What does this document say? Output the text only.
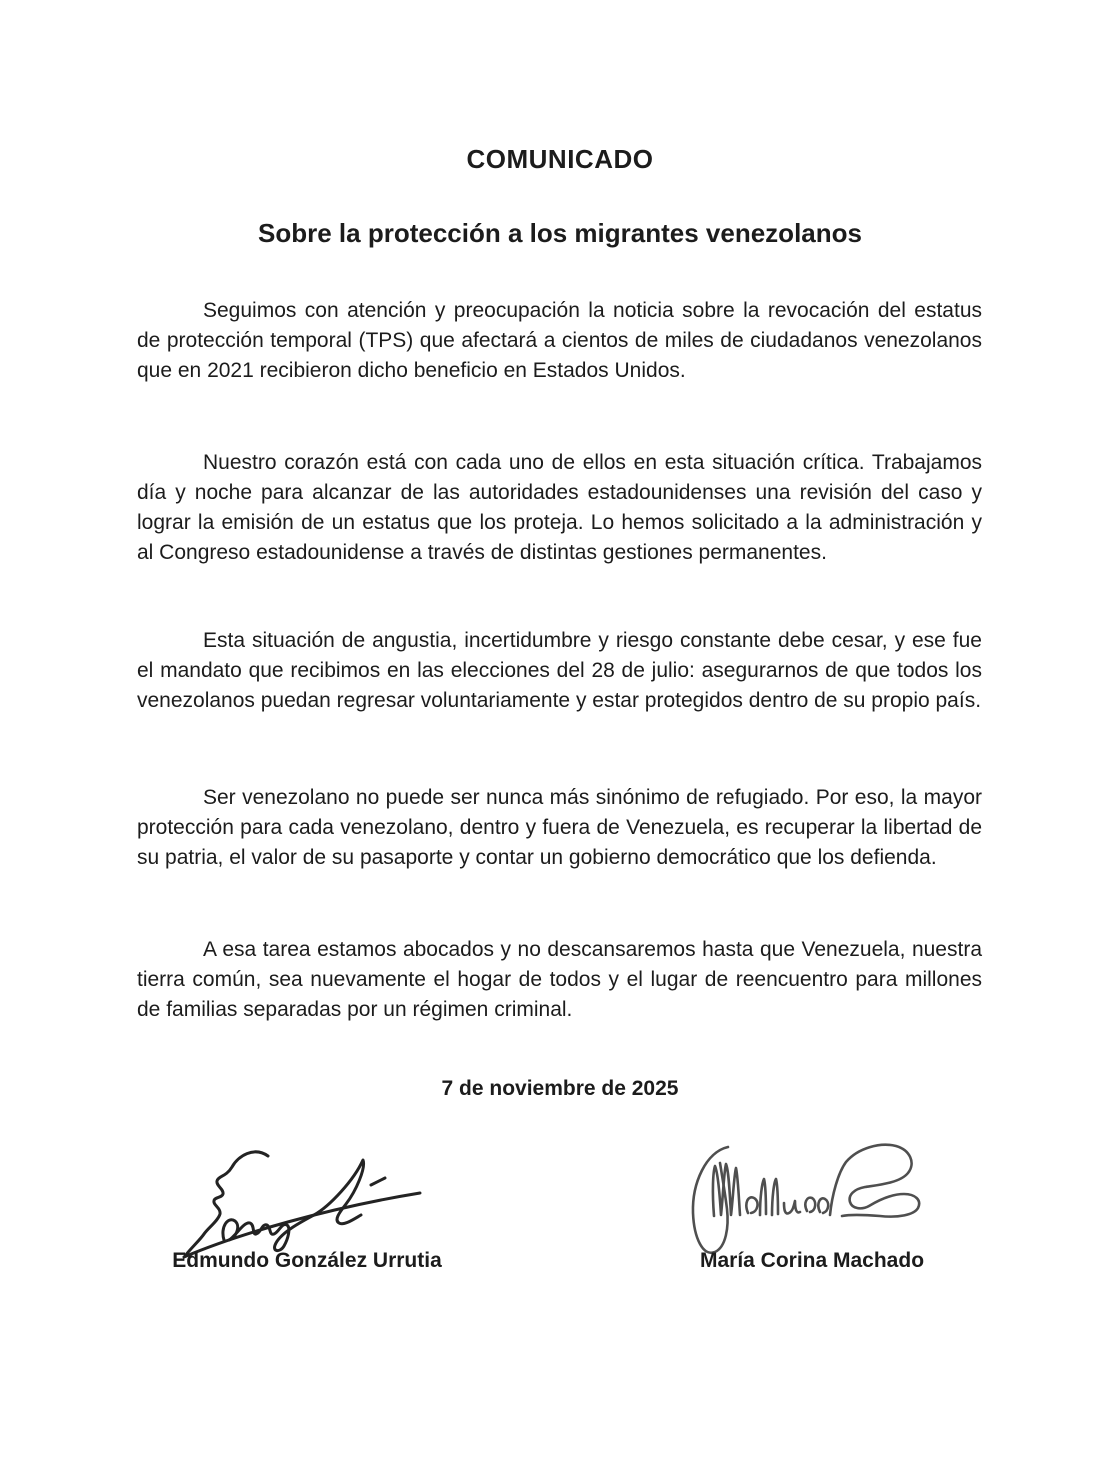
COMUNICADO
Sobre la protección a los migrantes venezolanos

Seguimos con atención y preocupación la noticia sobre la revocación del estatus de protección temporal (TPS) que afectará a cientos de miles de ciudadanos venezolanos que en 2021 recibieron dicho beneficio en Estados Unidos.

Nuestro corazón está con cada uno de ellos en esta situación crítica. Trabajamos día y noche para alcanzar de las autoridades estadounidenses una revisión del caso y lograr la emisión de un estatus que los proteja. Lo hemos solicitado a la administración y al Congreso estadounidense a través de distintas gestiones permanentes.

Esta situación de angustia, incertidumbre y riesgo constante debe cesar, y ese fue el mandato que recibimos en las elecciones del 28 de julio: asegurarnos de que todos los venezolanos puedan regresar voluntariamente y estar protegidos dentro de su propio país.

Ser venezolano no puede ser nunca más sinónimo de refugiado. Por eso, la mayor protección para cada venezolano, dentro y fuera de Venezuela, es recuperar la libertad de su patria, el valor de su pasaporte y contar un gobierno democrático que los defienda.

A esa tarea estamos abocados y no descansaremos hasta que Venezuela, nuestra tierra común, sea nuevamente el hogar de todos y el lugar de reencuentro para millones de familias separadas por un régimen criminal.

7 de noviembre de 2025
Edmundo González Urrutia	María Corina Machado
